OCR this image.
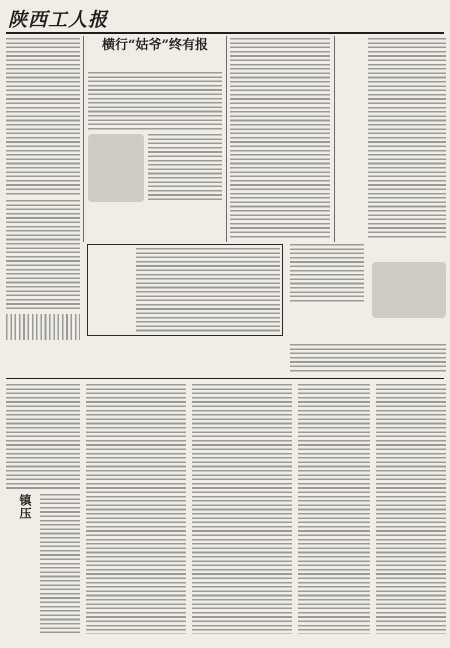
陕西工人报
横行“姑爷”终有报
镇压
